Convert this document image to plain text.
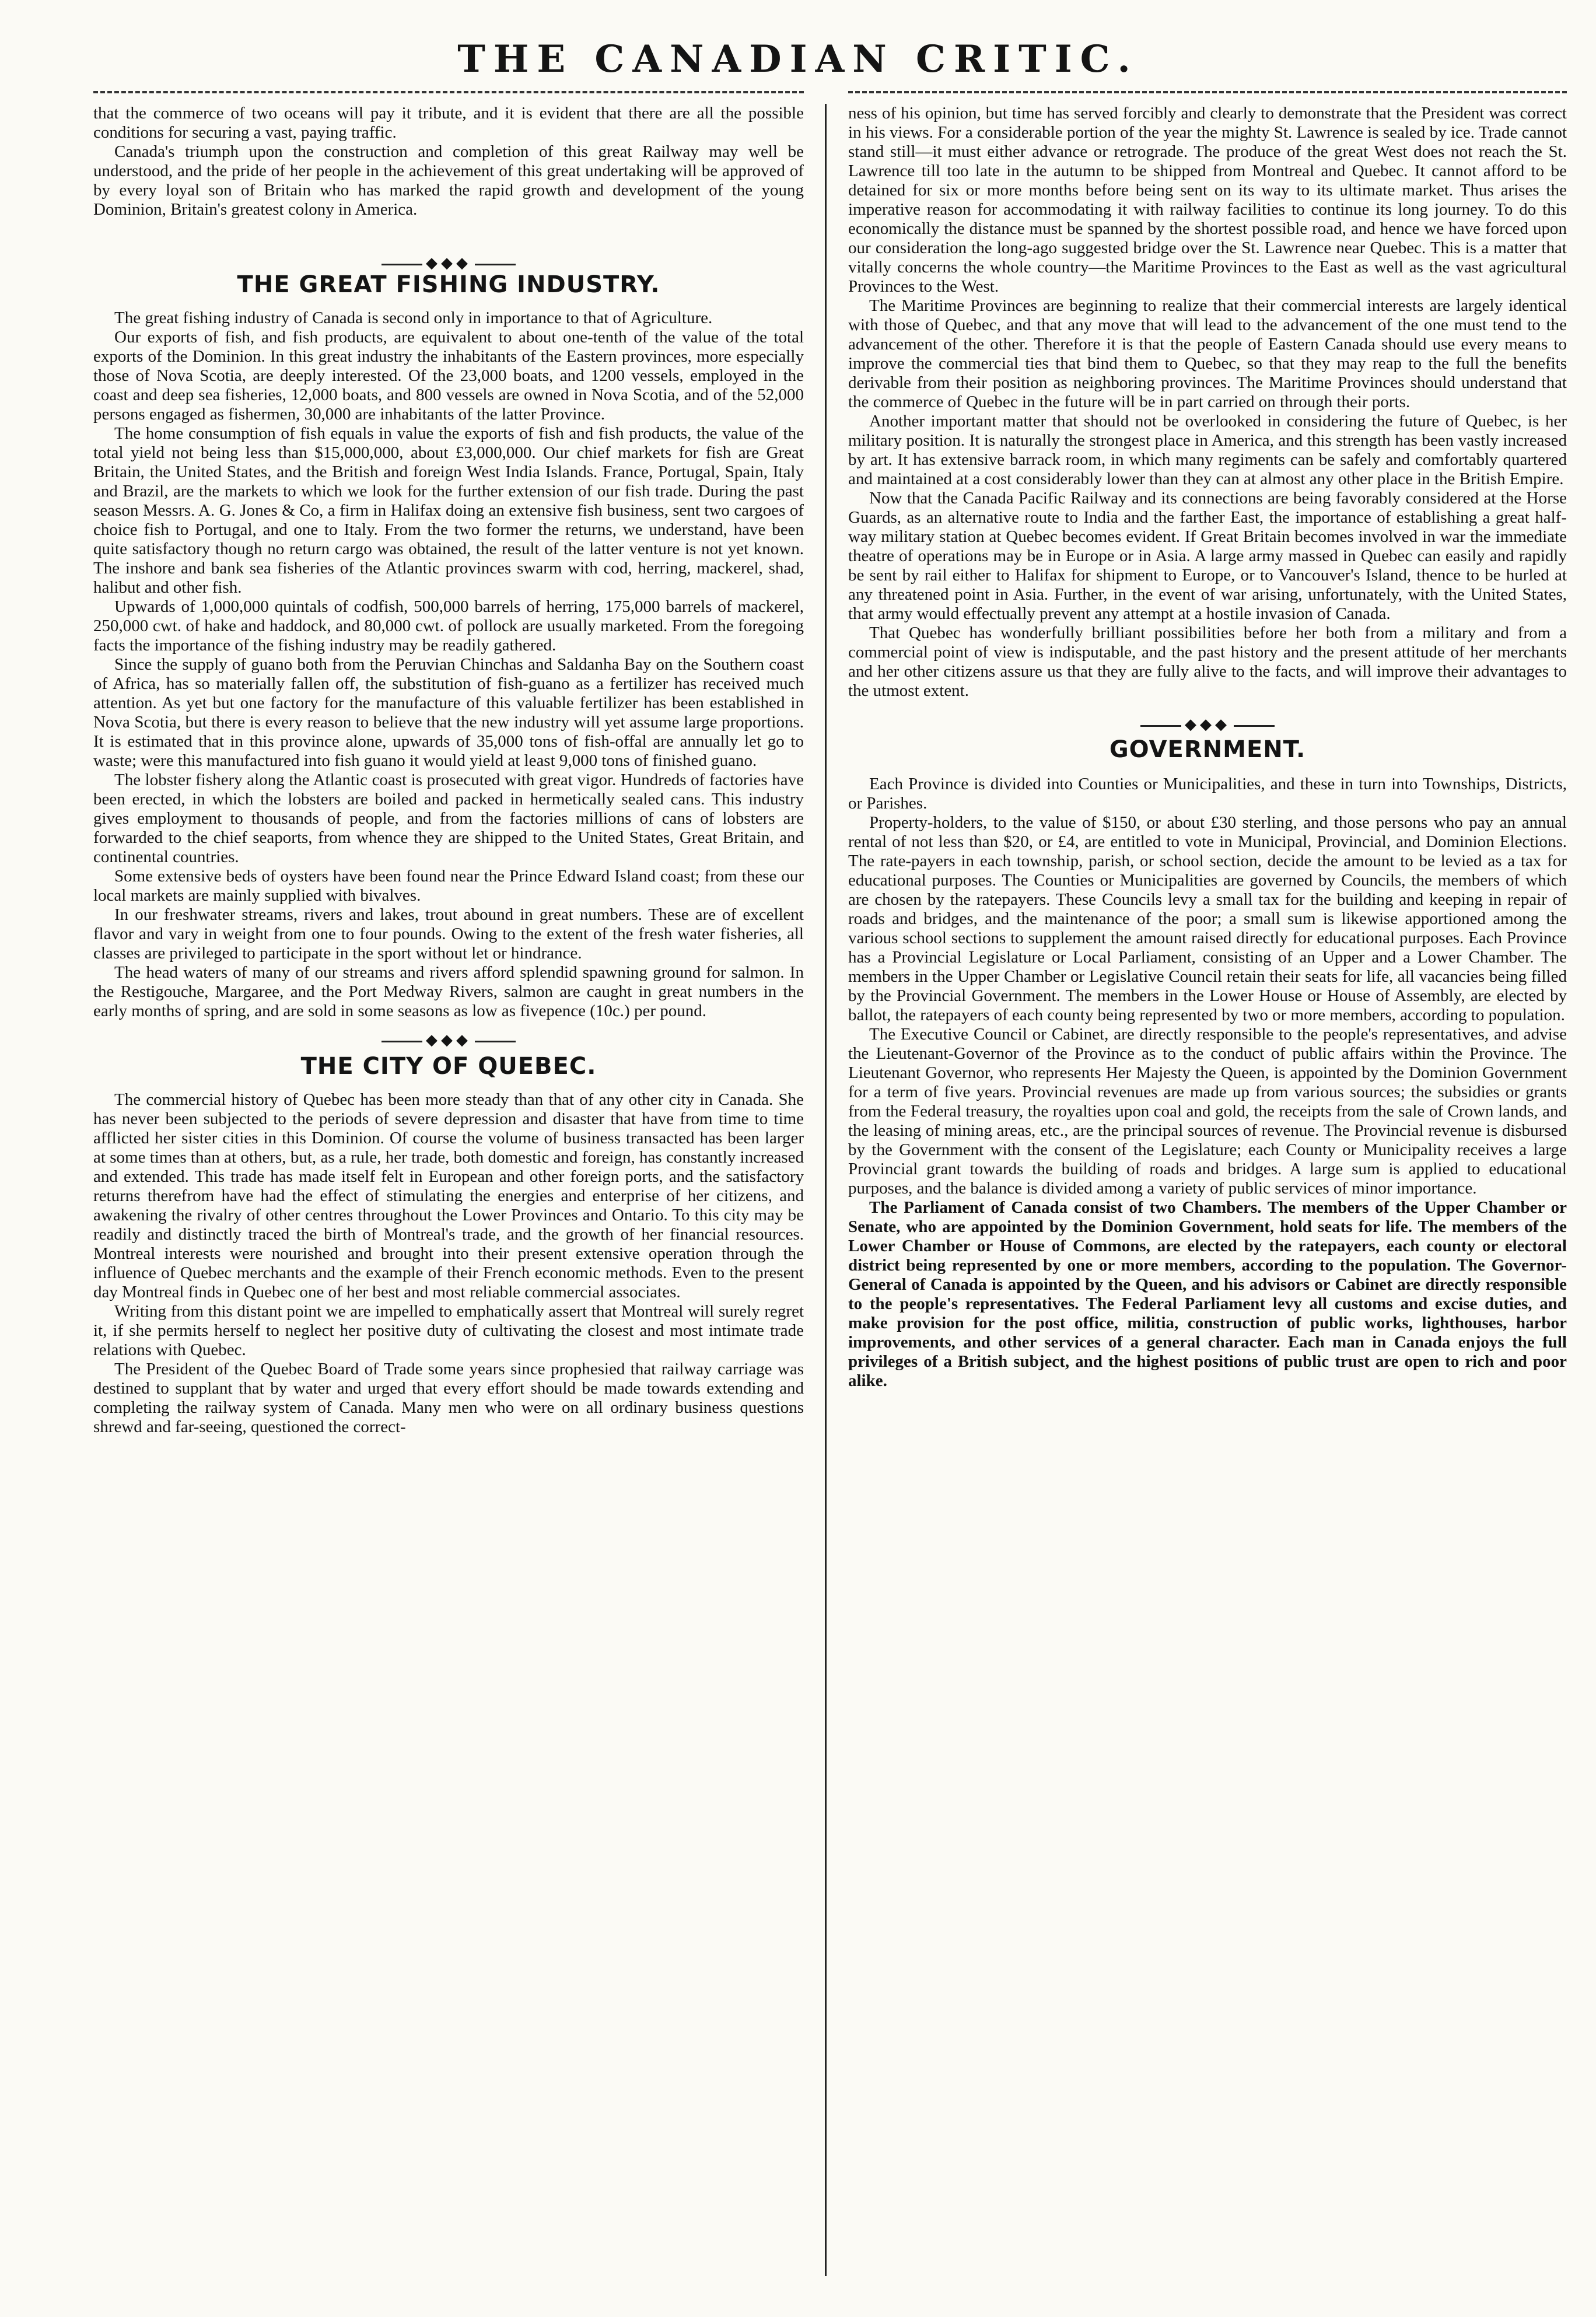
THE CANADIAN CRITIC.

that the commerce of two oceans will pay it tribute, and it is evident that there are all the possible conditions for securing a vast, paying traffic.

Canada's triumph upon the construction and completion of this great Railway may well be understood, and the pride of her people in the achievement of this great undertaking will be approved of by every loyal son of Britain who has marked the rapid growth and development of the young Dominion, Britain's greatest colony in America.

◆◆◆
THE GREAT FISHING INDUSTRY.

The great fishing industry of Canada is second only in importance to that of Agriculture.

Our exports of fish, and fish products, are equivalent to about one-tenth of the value of the total exports of the Dominion. In this great industry the inhabitants of the Eastern provinces, more especially those of Nova Scotia, are deeply interested. Of the 23,000 boats, and 1200 vessels, employed in the coast and deep sea fisheries, 12,000 boats, and 800 vessels are owned in Nova Scotia, and of the 52,000 persons engaged as fishermen, 30,000 are inhabitants of the latter Province.

The home consumption of fish equals in value the exports of fish and fish products, the value of the total yield not being less than $15,000,000, about £3,000,000. Our chief markets for fish are Great Britain, the United States, and the British and foreign West India Islands. France, Portugal, Spain, Italy and Brazil, are the markets to which we look for the further extension of our fish trade. During the past season Messrs. A. G. Jones & Co, a firm in Halifax doing an extensive fish business, sent two cargoes of choice fish to Portugal, and one to Italy. From the two former the returns, we understand, have been quite satisfactory though no return cargo was obtained, the result of the latter venture is not yet known. The inshore and bank sea fisheries of the Atlantic provinces swarm with cod, herring, mackerel, shad, halibut and other fish.

Upwards of 1,000,000 quintals of codfish, 500,000 barrels of herring, 175,000 barrels of mackerel, 250,000 cwt. of hake and haddock, and 80,000 cwt. of pollock are usually marketed. From the foregoing facts the importance of the fishing industry may be readily gathered.

Since the supply of guano both from the Peruvian Chinchas and Saldanha Bay on the Southern coast of Africa, has so materially fallen off, the substitution of fish-guano as a fertilizer has received much attention. As yet but one factory for the manufacture of this valuable fertilizer has been established in Nova Scotia, but there is every reason to believe that the new industry will yet assume large proportions. It is estimated that in this province alone, upwards of 35,000 tons of fish-offal are annually let go to waste; were this manufactured into fish guano it would yield at least 9,000 tons of finished guano.

The lobster fishery along the Atlantic coast is prosecuted with great vigor. Hundreds of factories have been erected, in which the lobsters are boiled and packed in hermetically sealed cans. This industry gives employment to thousands of people, and from the factories millions of cans of lobsters are forwarded to the chief seaports, from whence they are shipped to the United States, Great Britain, and continental countries.

Some extensive beds of oysters have been found near the Prince Edward Island coast; from these our local markets are mainly supplied with bivalves.

In our freshwater streams, rivers and lakes, trout abound in great numbers. These are of excellent flavor and vary in weight from one to four pounds. Owing to the extent of the fresh water fisheries, all classes are privileged to participate in the sport without let or hindrance.

The head waters of many of our streams and rivers afford splendid spawning ground for salmon. In the Restigouche, Margaree, and the Port Medway Rivers, salmon are caught in great numbers in the early months of spring, and are sold in some seasons as low as fivepence (10c.) per pound.

◆◆◆
THE CITY OF QUEBEC.

The commercial history of Quebec has been more steady than that of any other city in Canada. She has never been subjected to the periods of severe depression and disaster that have from time to time afflicted her sister cities in this Dominion. Of course the volume of business transacted has been larger at some times than at others, but, as a rule, her trade, both domestic and foreign, has constantly increased and extended. This trade has made itself felt in European and other foreign ports, and the satisfactory returns therefrom have had the effect of stimulating the energies and enterprise of her citizens, and awakening the rivalry of other centres throughout the Lower Provinces and Ontario. To this city may be readily and distinctly traced the birth of Montreal's trade, and the growth of her financial resources. Montreal interests were nourished and brought into their present extensive operation through the influence of Quebec merchants and the example of their French economic methods. Even to the present day Montreal finds in Quebec one of her best and most reliable commercial associates.

Writing from this distant point we are impelled to emphatically assert that Montreal will surely regret it, if she permits herself to neglect her positive duty of cultivating the closest and most intimate trade relations with Quebec.

The President of the Quebec Board of Trade some years since prophesied that railway carriage was destined to supplant that by water and urged that every effort should be made towards extending and completing the railway system of Canada. Many men who were on all ordinary business questions shrewd and far-seeing, questioned the correct-

ness of his opinion, but time has served forcibly and clearly to demonstrate that the President was correct in his views. For a considerable portion of the year the mighty St. Lawrence is sealed by ice. Trade cannot stand still—it must either advance or retrograde. The produce of the great West does not reach the St. Lawrence till too late in the autumn to be shipped from Montreal and Quebec. It cannot afford to be detained for six or more months before being sent on its way to its ultimate market. Thus arises the imperative reason for accommodating it with railway facilities to continue its long journey. To do this economically the distance must be spanned by the shortest possible road, and hence we have forced upon our consideration the long-ago suggested bridge over the St. Lawrence near Quebec. This is a matter that vitally concerns the whole country—the Maritime Provinces to the East as well as the vast agricultural Provinces to the West.

The Maritime Provinces are beginning to realize that their commercial interests are largely identical with those of Quebec, and that any move that will lead to the advancement of the one must tend to the advancement of the other. Therefore it is that the people of Eastern Canada should use every means to improve the commercial ties that bind them to Quebec, so that they may reap to the full the benefits derivable from their position as neighboring provinces. The Maritime Provinces should understand that the commerce of Quebec in the future will be in part carried on through their ports.

Another important matter that should not be overlooked in considering the future of Quebec, is her military position. It is naturally the strongest place in America, and this strength has been vastly increased by art. It has extensive barrack room, in which many regiments can be safely and comfortably quartered and maintained at a cost considerably lower than they can at almost any other place in the British Empire.

Now that the Canada Pacific Railway and its connections are being favorably considered at the Horse Guards, as an alternative route to India and the farther East, the importance of establishing a great half-way military station at Quebec becomes evident. If Great Britain becomes involved in war the immediate theatre of operations may be in Europe or in Asia. A large army massed in Quebec can easily and rapidly be sent by rail either to Halifax for shipment to Europe, or to Vancouver's Island, thence to be hurled at any threatened point in Asia. Further, in the event of war arising, unfortunately, with the United States, that army would effectually prevent any attempt at a hostile invasion of Canada.

That Quebec has wonderfully brilliant possibilities before her both from a military and from a commercial point of view is indisputable, and the past history and the present attitude of her merchants and her other citizens assure us that they are fully alive to the facts, and will improve their advantages to the utmost extent.

◆◆◆
GOVERNMENT.

Each Province is divided into Counties or Municipalities, and these in turn into Townships, Districts, or Parishes.

Property-holders, to the value of $150, or about £30 sterling, and those persons who pay an annual rental of not less than $20, or £4, are entitled to vote in Municipal, Provincial, and Dominion Elections. The rate-payers in each township, parish, or school section, decide the amount to be levied as a tax for educational purposes. The Counties or Municipalities are governed by Councils, the members of which are chosen by the ratepayers. These Councils levy a small tax for the building and keeping in repair of roads and bridges, and the maintenance of the poor; a small sum is likewise apportioned among the various school sections to supplement the amount raised directly for educational purposes. Each Province has a Provincial Legislature or Local Parliament, consisting of an Upper and a Lower Chamber. The members in the Upper Chamber or Legislative Council retain their seats for life, all vacancies being filled by the Provincial Government. The members in the Lower House or House of Assembly, are elected by ballot, the ratepayers of each county being represented by two or more members, according to population.

The Executive Council or Cabinet, are directly responsible to the people's representatives, and advise the Lieutenant-Governor of the Province as to the conduct of public affairs within the Province. The Lieutenant Governor, who represents Her Majesty the Queen, is appointed by the Dominion Government for a term of five years. Provincial revenues are made up from various sources; the subsidies or grants from the Federal treasury, the royalties upon coal and gold, the receipts from the sale of Crown lands, and the leasing of mining areas, etc., are the principal sources of revenue. The Provincial revenue is disbursed by the Government with the consent of the Legislature; each County or Municipality receives a large Provincial grant towards the building of roads and bridges. A large sum is applied to educational purposes, and the balance is divided among a variety of public services of minor importance.

The Parliament of Canada consist of two Chambers. The members of the Upper Chamber or Senate, who are appointed by the Dominion Government, hold seats for life. The members of the Lower Chamber or House of Commons, are elected by the ratepayers, each county or electoral district being represented by one or more members, according to the population. The Governor-General of Canada is appointed by the Queen, and his advisors or Cabinet are directly responsible to the people's representatives. The Federal Parliament levy all customs and excise duties, and make provision for the post office, militia, construction of public works, lighthouses, harbor improvements, and other services of a general character. Each man in Canada enjoys the full privileges of a British subject, and the highest positions of public trust are open to rich and poor alike.
